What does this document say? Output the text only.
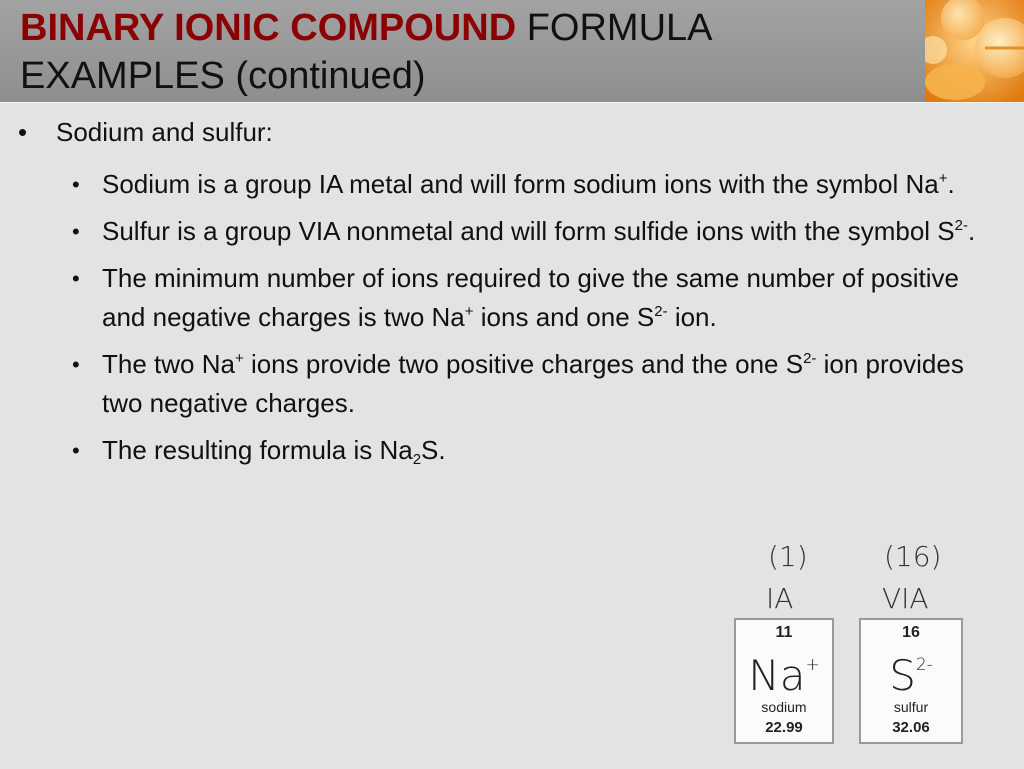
BINARY IONIC COMPOUND FORMULA EXAMPLES (continued)
• Sodium and sulfur:
• Sodium is a group IA metal and will form sodium ions with the symbol Na+.
• Sulfur is a group VIA nonmetal and will form sulfide ions with the symbol $S^{2-}$.
• The minimum number of ions required to give the same number of positive and negative charges is two Na+ ions and one $S^{2-}$ ion.
• The two Na+ ions provide two positive charges and the one $S^{2-}$ ion provides two negative charges.
• The resulting formula is $Na_2S$.
(1)
IA
(16)
VIA
11
Na+
sodium
22.99
16
$S^{2-}$
sulfur
32.06
